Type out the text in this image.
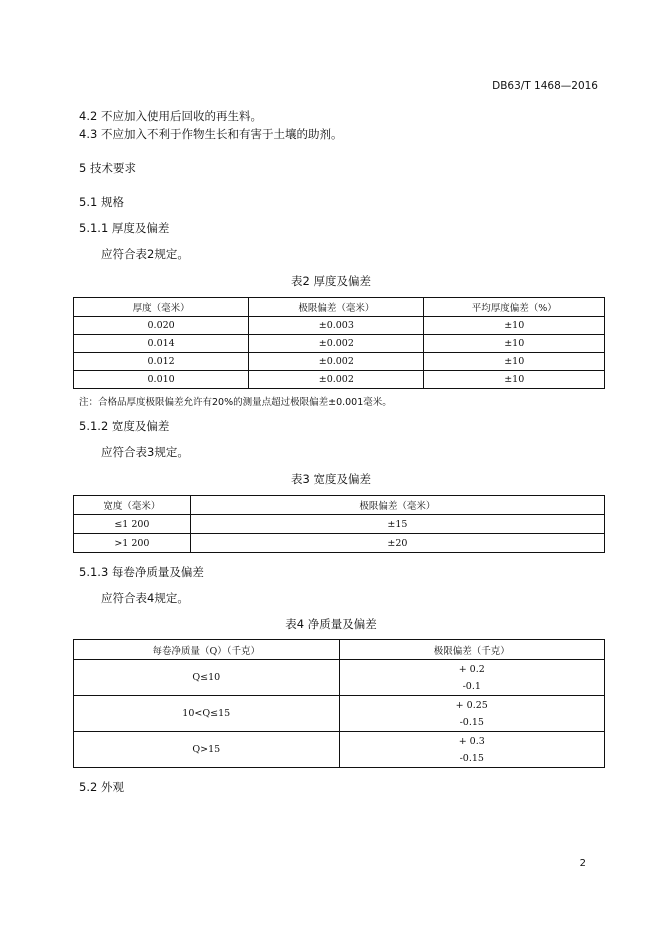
DB63/T 1468—2016
4.2 不应加入使用后回收的再生料。
4.3 不应加入不利于作物生长和有害于土壤的助剂。
5 技术要求
5.1 规格
5.1.1 厚度及偏差
应符合表2规定。
表2 厚度及偏差
厚度（毫米）	极限偏差（毫米）	平均厚度偏差（%）
0.020	±0.003	±10
0.014	±0.002	±10
0.012	±0.002	±10
0.010	±0.002	±10
注：合格品厚度极限偏差允许有20%的测量点超过极限偏差±0.001毫米。
5.1.2 宽度及偏差
应符合表3规定。
表3 宽度及偏差
宽度（毫米）	极限偏差（毫米）
≤1 200	±15
>1 200	±20
5.1.3 每卷净质量及偏差
应符合表4规定。
表4 净质量及偏差
每卷净质量（Q）（千克）	极限偏差（千克）
Q≤10	+ 0.2
-0.1

10<Q≤15	+ 0.25
-0.15

Q>15	+ 0.3
-0.15
5.2 外观
2
